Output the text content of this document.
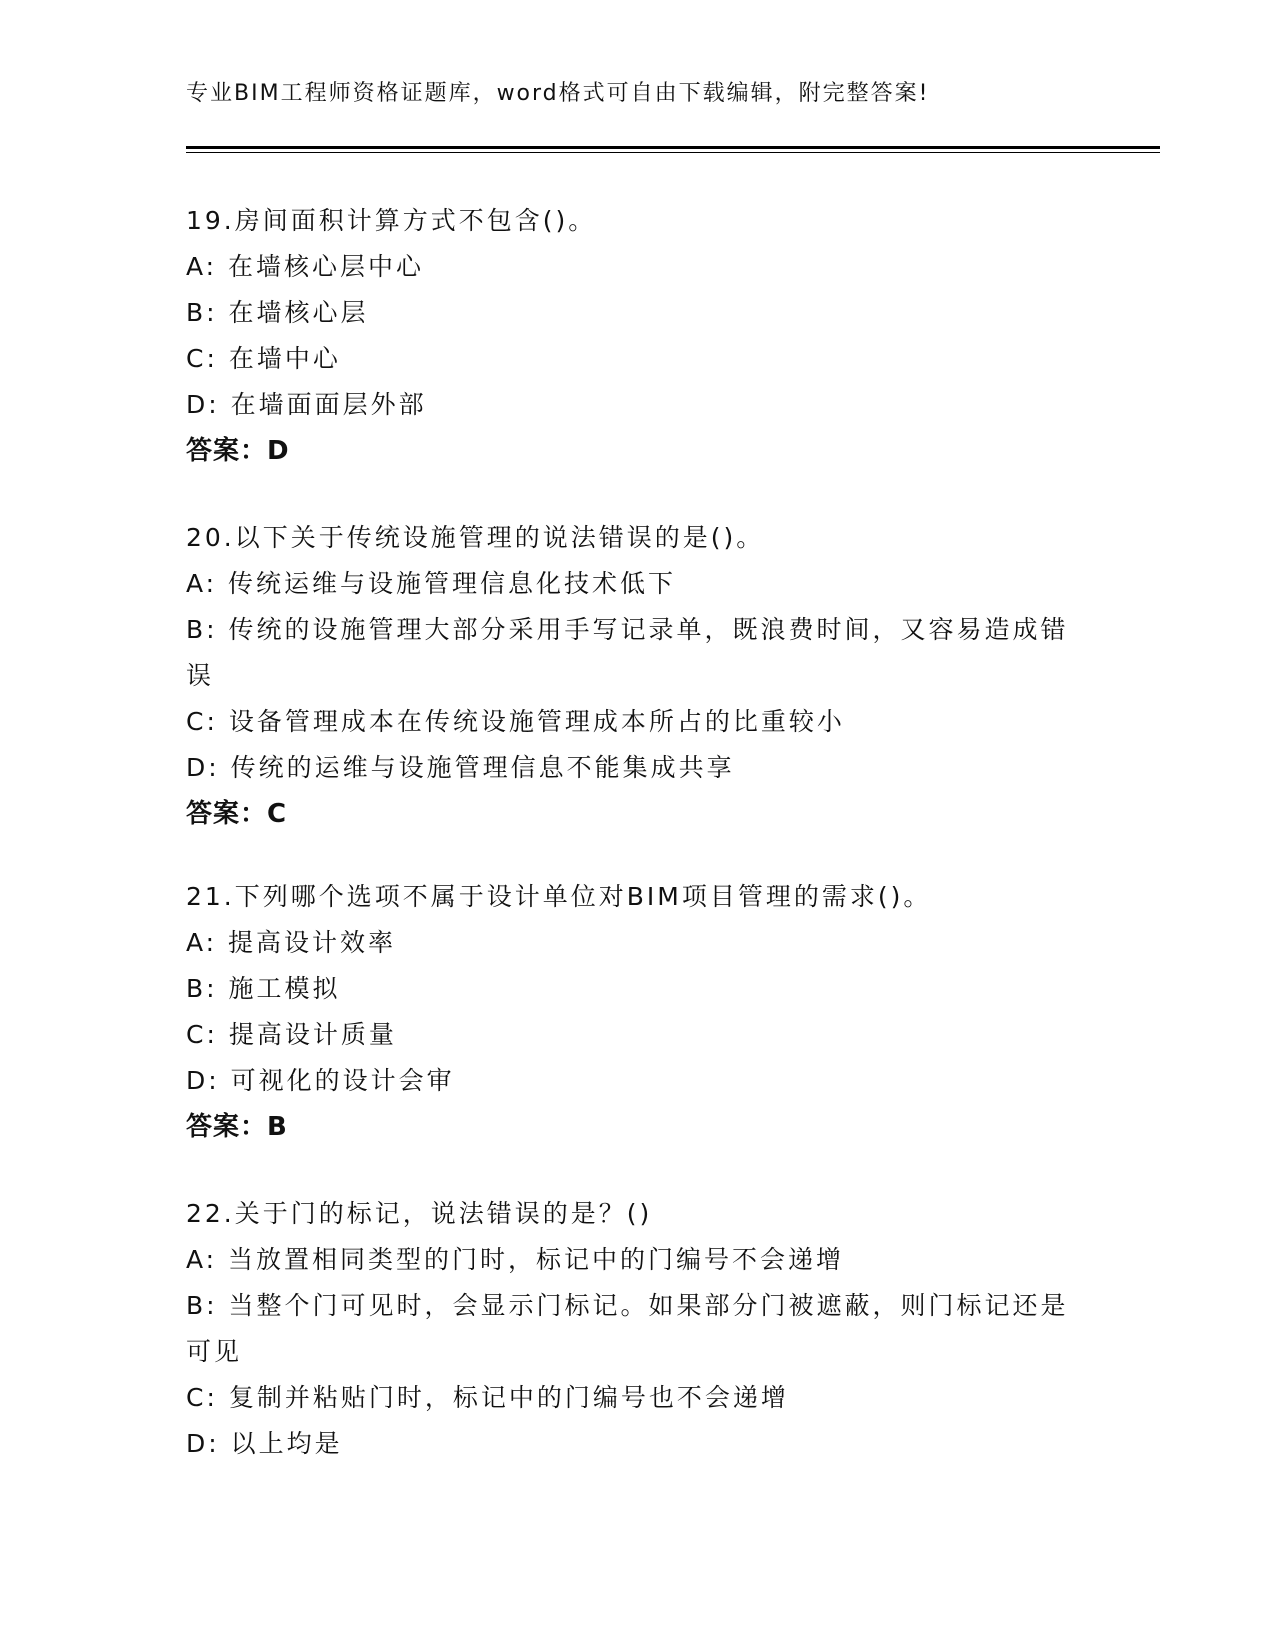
专业BIM工程师资格证题库，word格式可自由下载编辑，附完整答案!
19.房间面积计算方式不包含()。
A: 在墙核心层中心
B: 在墙核心层
C: 在墙中心
D: 在墙面面层外部
答案：D
20.以下关于传统设施管理的说法错误的是()。
A: 传统运维与设施管理信息化技术低下
B: 传统的设施管理大部分采用手写记录单，既浪费时间，又容易造成错误
C: 设备管理成本在传统设施管理成本所占的比重较小
D: 传统的运维与设施管理信息不能集成共享
答案：C
21.下列哪个选项不属于设计单位对BIM项目管理的需求()。
A: 提高设计效率
B: 施工模拟
C: 提高设计质量
D: 可视化的设计会审
答案：B
22.关于门的标记，说法错误的是？()
A: 当放置相同类型的门时，标记中的门编号不会递增
B: 当整个门可见时，会显示门标记。如果部分门被遮蔽，则门标记还是可见
C: 复制并粘贴门时，标记中的门编号也不会递增
D: 以上均是
